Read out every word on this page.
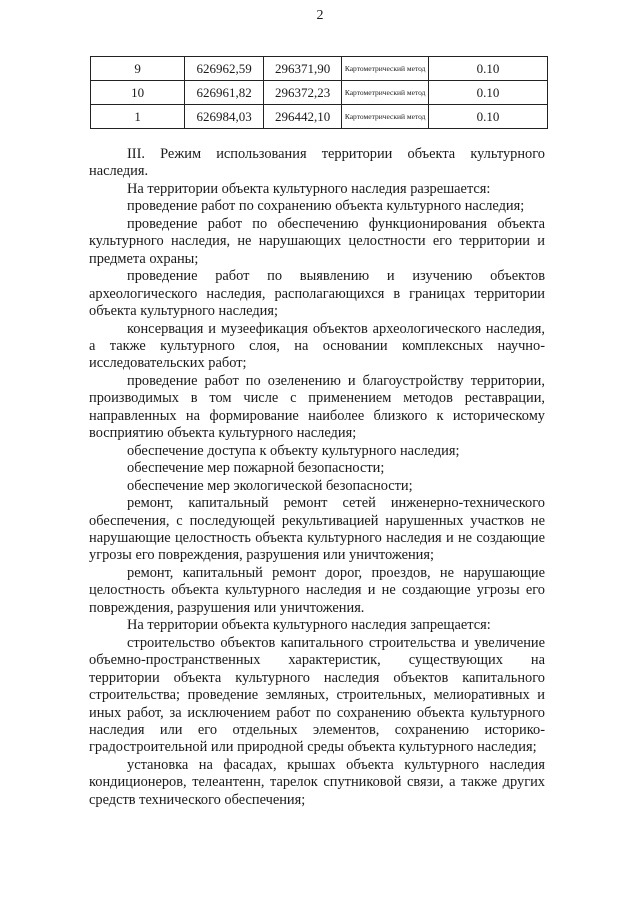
2
9	626962,59	296371,90	Картометрический метод	0.10
10	626961,82	296372,23	Картометрический метод	0.10
1	626984,03	296442,10	Картометрический метод	0.10

III. Режим использования территории объекта культурного наследия.

На территории объекта культурного наследия разрешается:

проведение работ по сохранению объекта культурного наследия;

проведение работ по обеспечению функционирования объекта культурного наследия, не нарушающих целостности его территории и предмета охраны;

проведение работ по выявлению и изучению объектов археологического наследия, располагающихся в границах территории объекта культурного наследия;

консервация и музеефикация объектов археологического наследия, а также культурного слоя, на основании комплексных научно-исследовательских работ;

проведение работ по озеленению и благоустройству территории, производимых в том числе с применением методов реставрации, направленных на формирование наиболее близкого к историческому восприятию объекта культурного наследия;

обеспечение доступа к объекту культурного наследия;

обеспечение мер пожарной безопасности;

обеспечение мер экологической безопасности;

ремонт, капитальный ремонт сетей инженерно-технического обеспечения, с последующей рекультивацией нарушенных участков не нарушающие целостность объекта культурного наследия и не создающие угрозы его повреждения, разрушения или уничтожения;

ремонт, капитальный ремонт дорог, проездов, не нарушающие целостность объекта культурного наследия и не создающие угрозы его повреждения, разрушения или уничтожения.

На территории объекта культурного наследия запрещается:

строительство объектов капитального строительства и увеличение объемно-пространственных характеристик, существующих на территории объекта культурного наследия объектов капитального строительства; проведение земляных, строительных, мелиоративных и иных работ, за исключением работ по сохранению объекта культурного наследия или его отдельных элементов, сохранению историко-градостроительной или природной среды объекта культурного наследия;

установка на фасадах, крышах объекта культурного наследия кондиционеров, телеантенн, тарелок спутниковой связи, а также других средств технического обеспечения;
